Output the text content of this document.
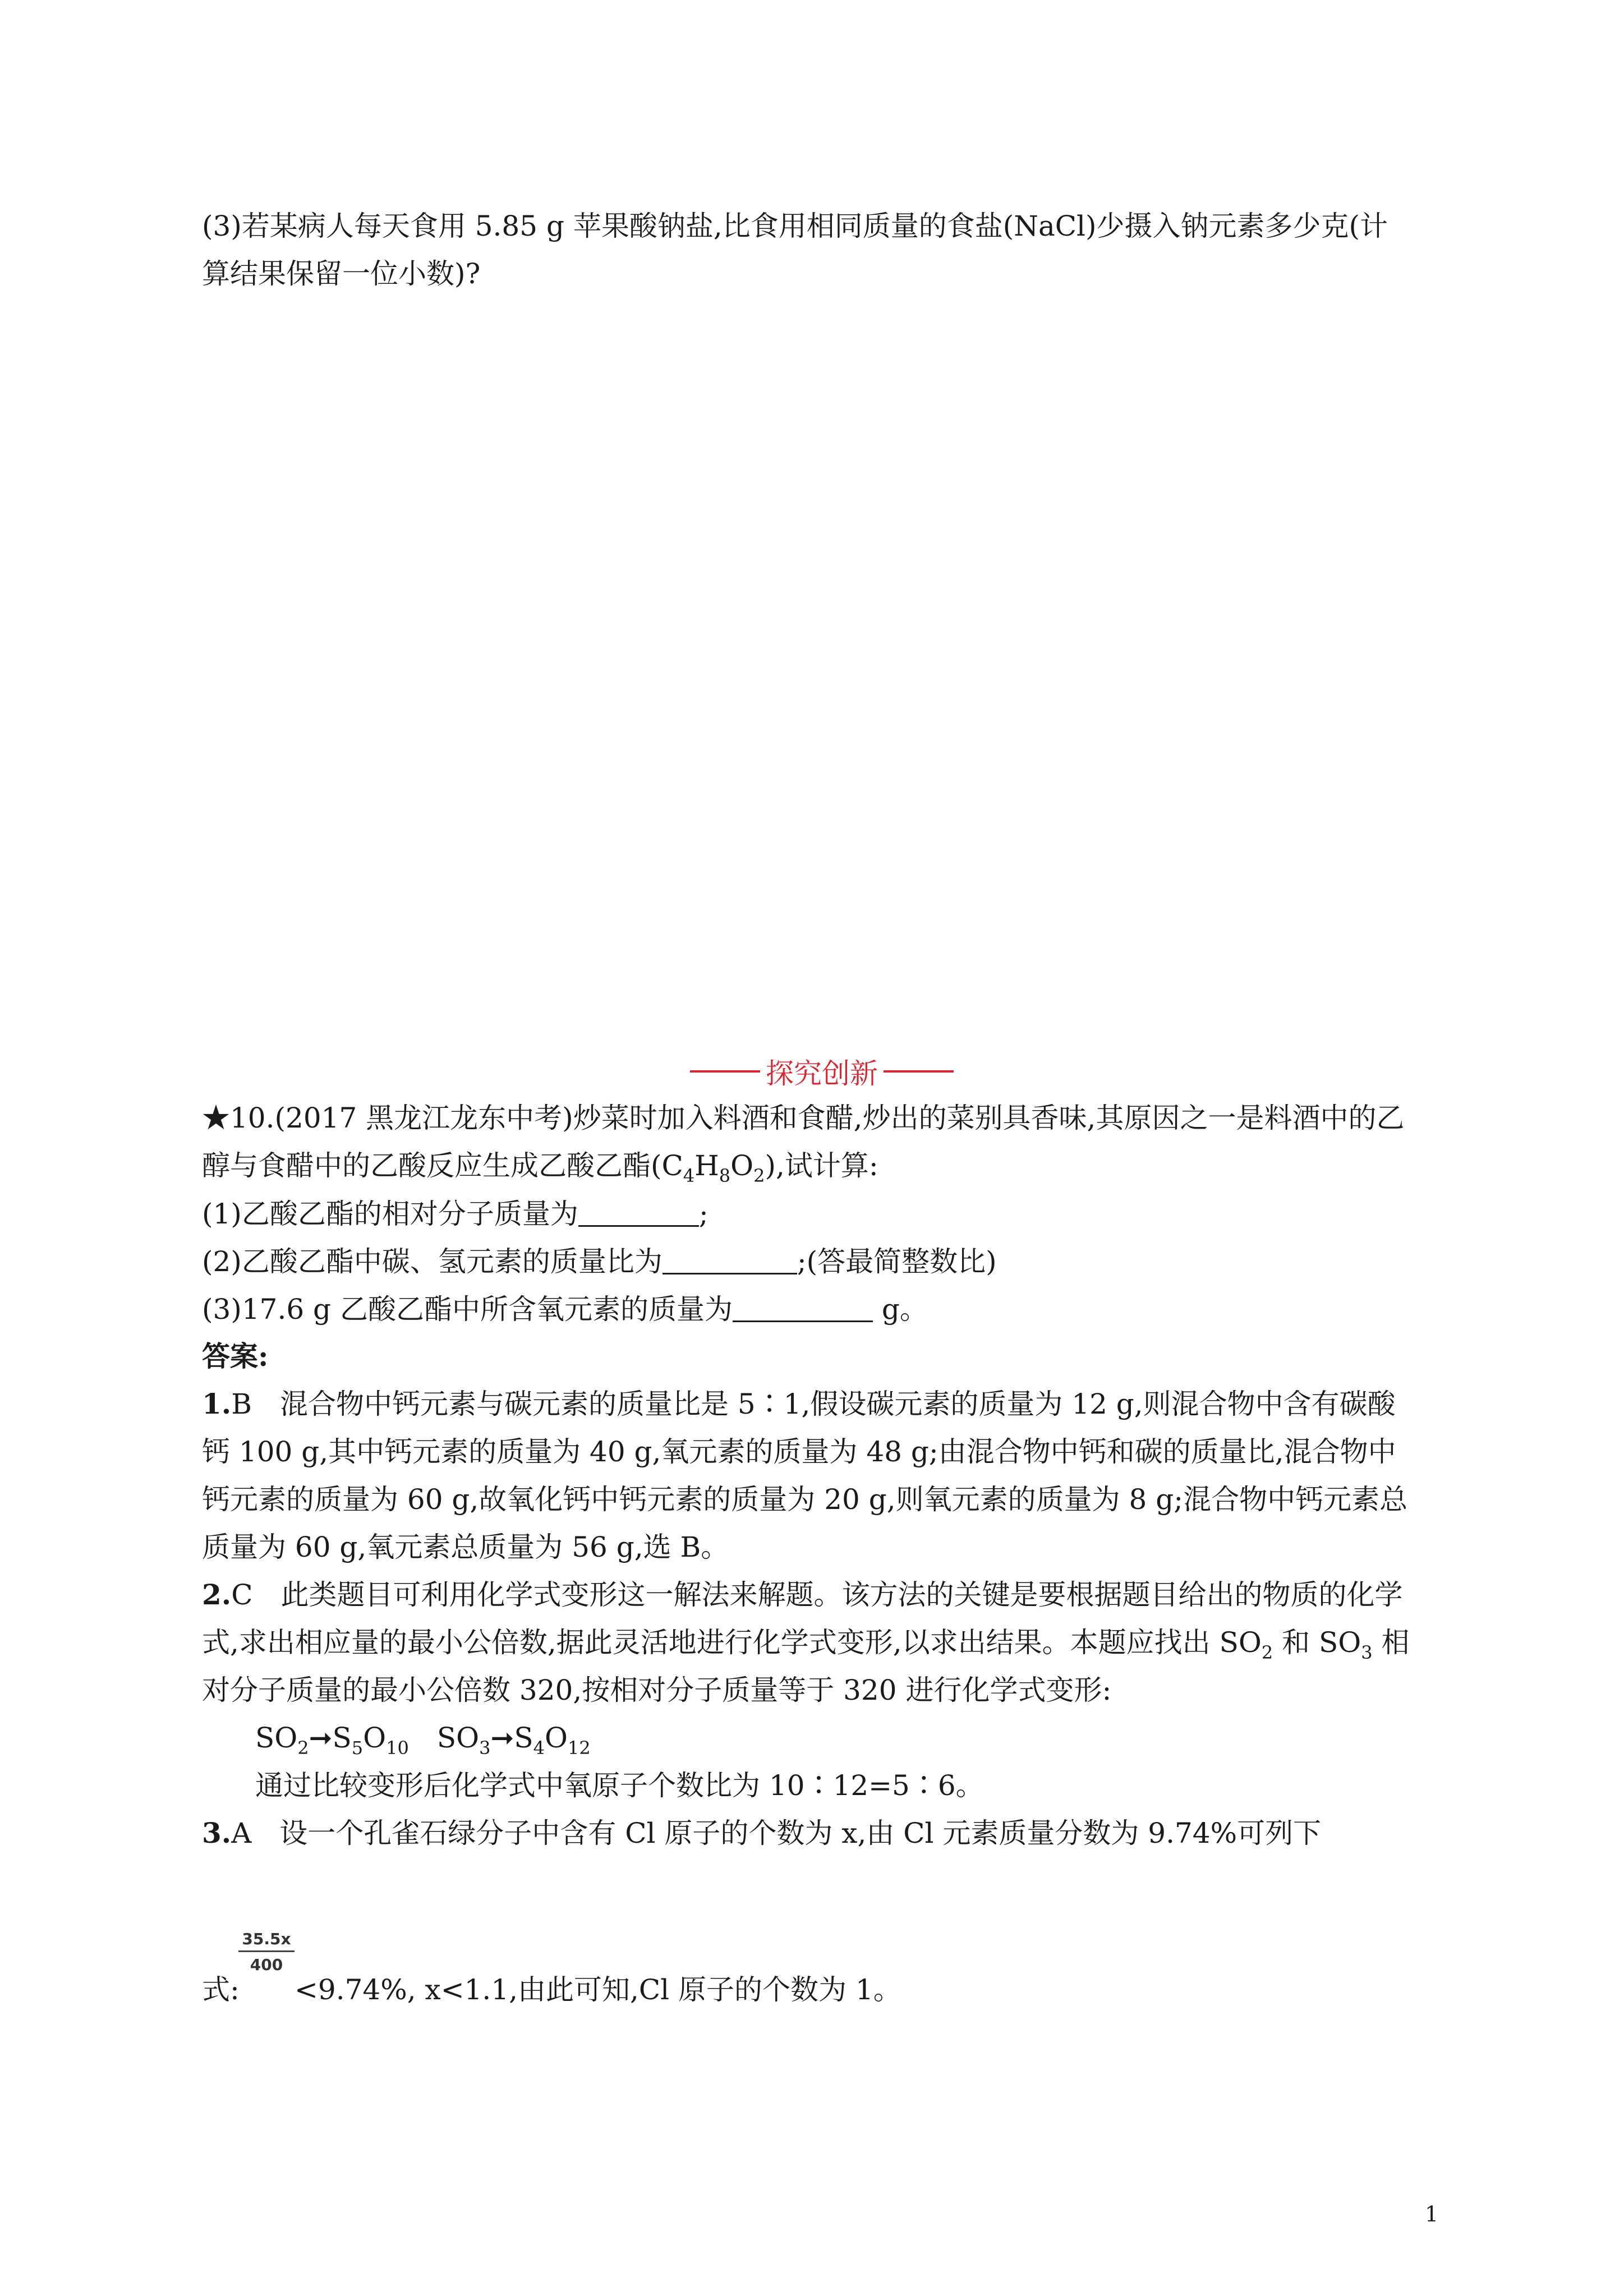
(3)若某病人每天食用 5.85 g 苹果酸钠盐,比食用相同质量的食盐(NaCl)少摄入钠元素多少克(计
算结果保留一位小数)?
探究创新
★10.(2017 黑龙江龙东中考)炒菜时加入料酒和食醋,炒出的菜别具香味,其原因之一是料酒中的乙
醇与食醋中的乙酸反应生成乙酸乙酯$(C_4H_8O_2)$,试计算:
(1)乙酸乙酯的相对分子质量为	;
(2)乙酸乙酯中碳、氢元素的质量比为	;(答最简整数比)
(3)17.6 g 乙酸乙酯中所含氧元素的质量为	g。
答案:
1.B　混合物中钙元素与碳元素的质量比是 5∶1,假设碳元素的质量为 12 g,则混合物中含有碳酸
钙 100 g,其中钙元素的质量为 40 g,氧元素的质量为 48 g;由混合物中钙和碳的质量比,混合物中
钙元素的质量为 60 g,故氧化钙中钙元素的质量为 20 g,则氧元素的质量为 8 g;混合物中钙元素总
质量为 60 g,氧元素总质量为 56 g,选 B。
2.C　此类题目可利用化学式变形这一解法来解题。该方法的关键是要根据题目给出的物质的化学
式,求出相应量的最小公倍数,据此灵活地进行化学式变形,以求出结果。本题应找出 $SO_2$ 和 $SO_3$ 相
对分子质量的最小公倍数 320,按相对分子质量等于 320 进行化学式变形:
$SO_2➞S_5O_{10}$　$SO_3➞S_4O_{12}$
通过比较变形后化学式中氧原子个数比为 10∶12=5∶6。
3.A　设一个孔雀石绿分子中含有 Cl 原子的个数为 x,由 Cl 元素质量分数为 9.74%可列下
$\frac{35.5x}{400}$
式: <9.74%, x<1.1,由此可知,Cl 原子的个数为 1。
1
